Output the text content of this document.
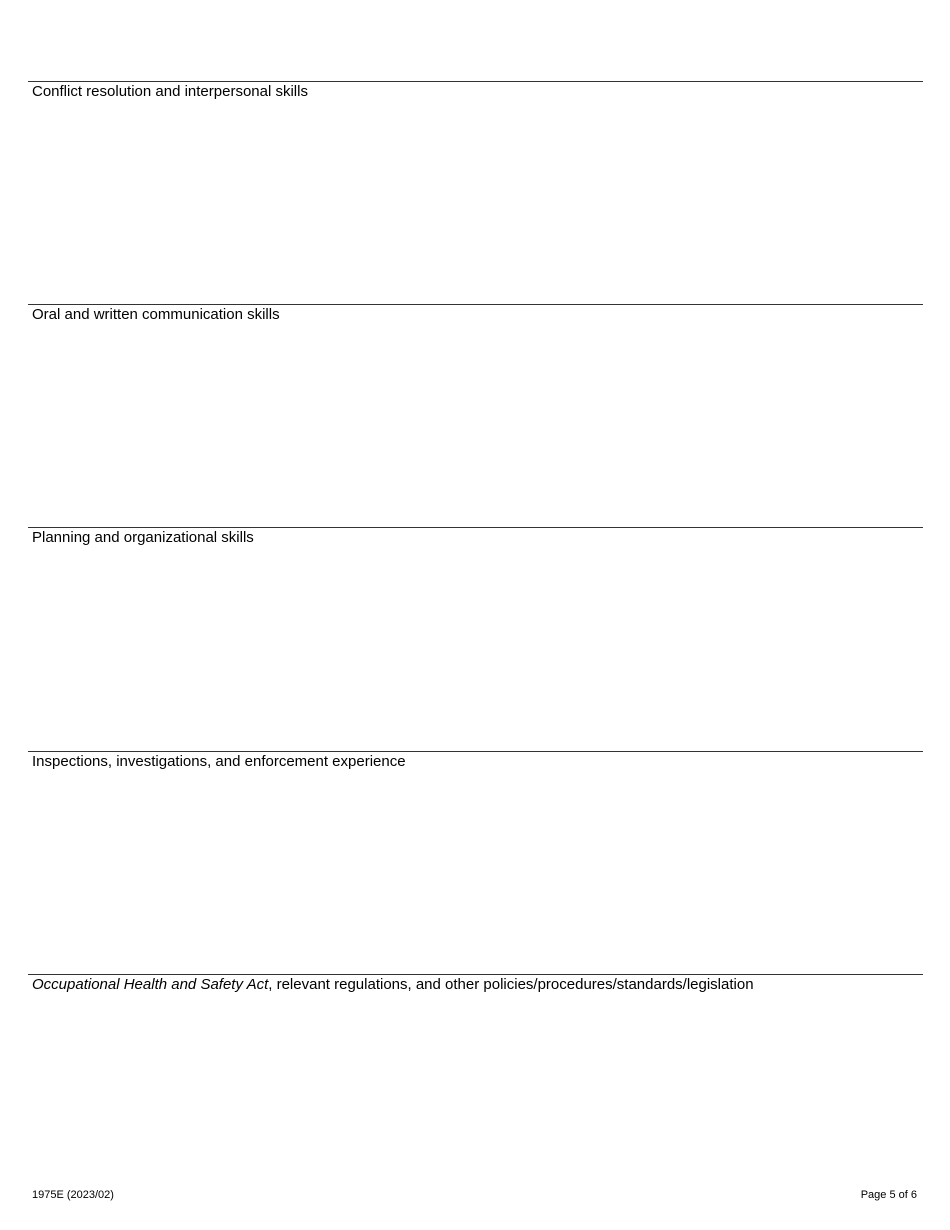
Conflict resolution and interpersonal skills
Oral and written communication skills
Planning and organizational skills
Inspections, investigations, and enforcement experience
Occupational Health and Safety Act, relevant regulations, and other policies/procedures/standards/legislation
1975E (2023/02)	Page 5 of 6
